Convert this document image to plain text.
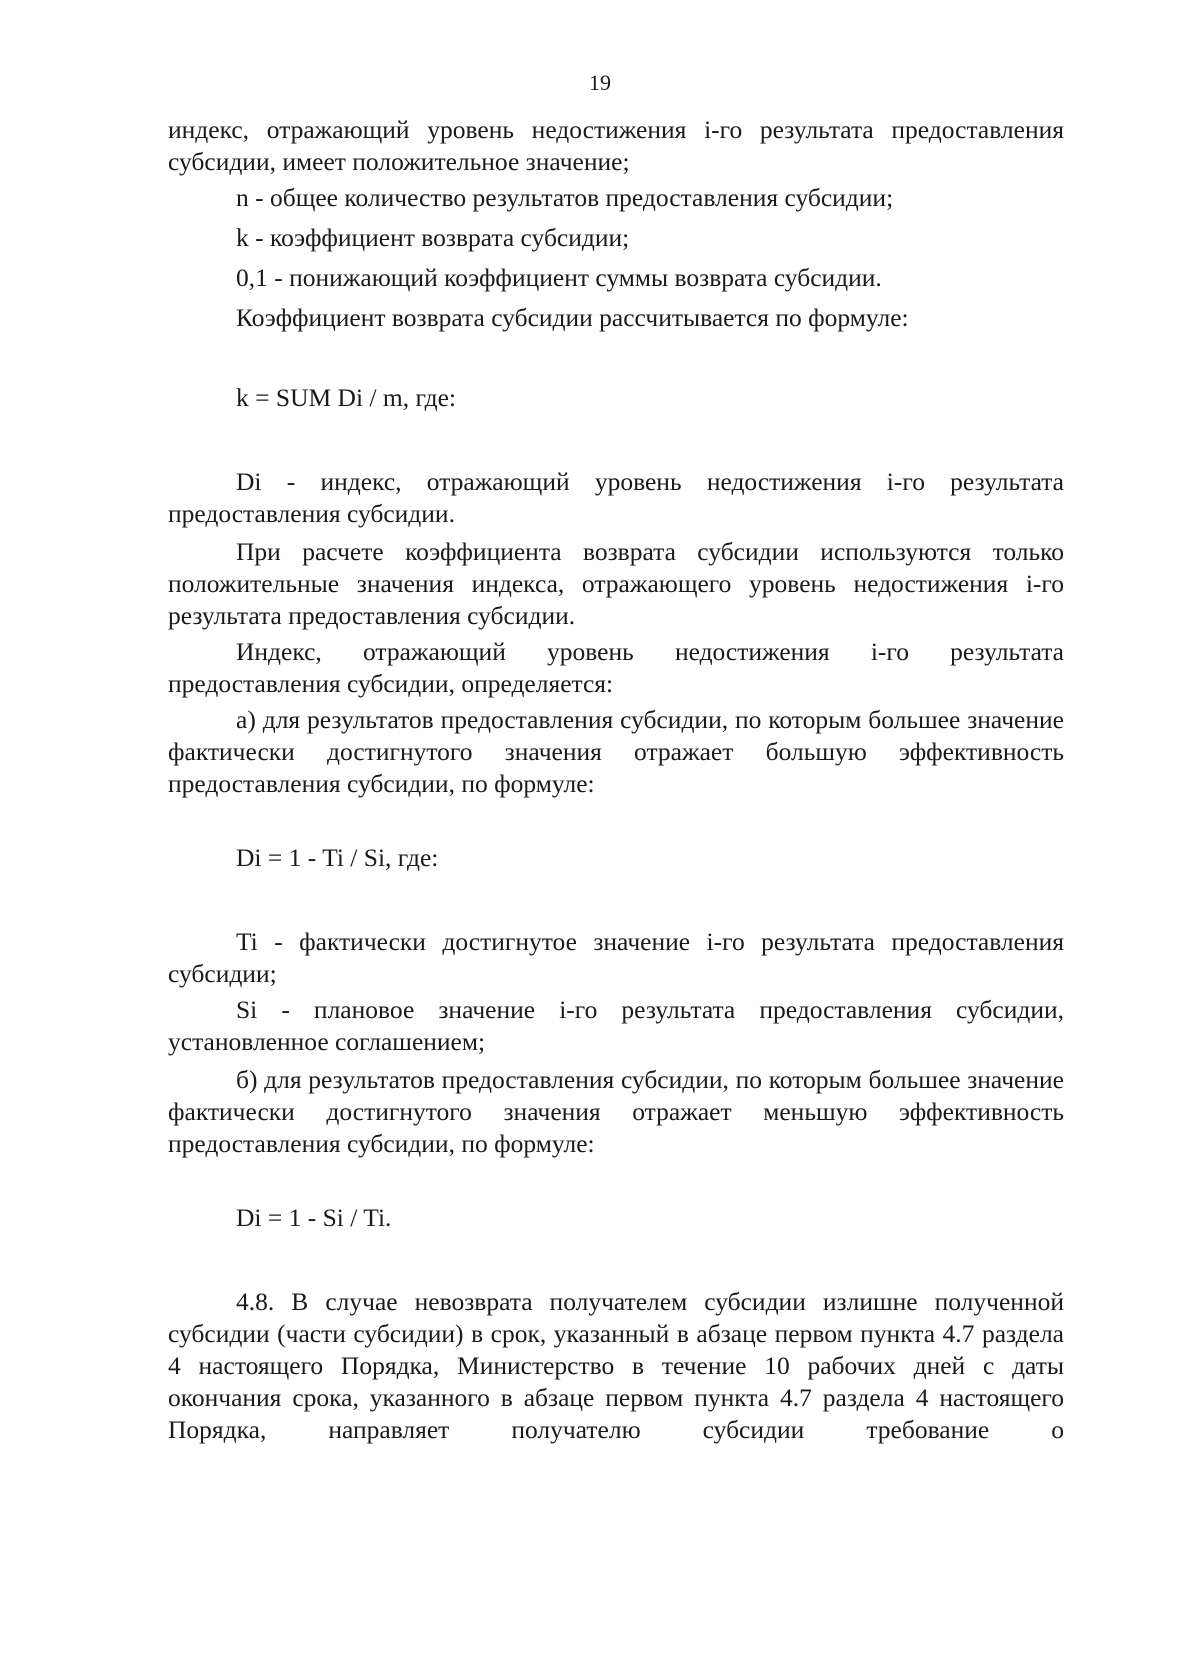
19

индекс, отражающий уровень недостижения i-го результата предоставления субсидии, имеет положительное значение;

n - общее количество результатов предоставления субсидии;

k - коэффициент возврата субсидии;

0,1 - понижающий коэффициент суммы возврата субсидии.

Коэффициент возврата субсидии рассчитывается по формуле:

k = SUM Di / m, где:

Di - индекс, отражающий уровень недостижения i-го результата предоставления субсидии.

При расчете коэффициента возврата субсидии используются только положительные значения индекса, отражающего уровень недостижения i-го результата предоставления субсидии.

Индекс, отражающий уровень недостижения i-го результата предоставления субсидии, определяется:

а) для результатов предоставления субсидии, по которым большее значение фактически достигнутого значения отражает большую эффективность предоставления субсидии, по формуле:

Di = 1 - Ti / Si, где:

Ti - фактически достигнутое значение i-го результата предоставления субсидии;

Si - плановое значение i-го результата предоставления субсидии, установленное соглашением;

б) для результатов предоставления субсидии, по которым большее значение фактически достигнутого значения отражает меньшую эффективность предоставления субсидии, по формуле:

Di = 1 - Si / Ti.

4.8. В случае невозврата получателем субсидии излишне полученной субсидии (части субсидии) в срок, указанный в абзаце первом пункта 4.7 раздела 4 настоящего Порядка, Министерство в течение 10 рабочих дней с даты окончания срока, указанного в абзаце первом пункта 4.7 раздела 4 настоящего Порядка, направляет получателю субсидии требование о
